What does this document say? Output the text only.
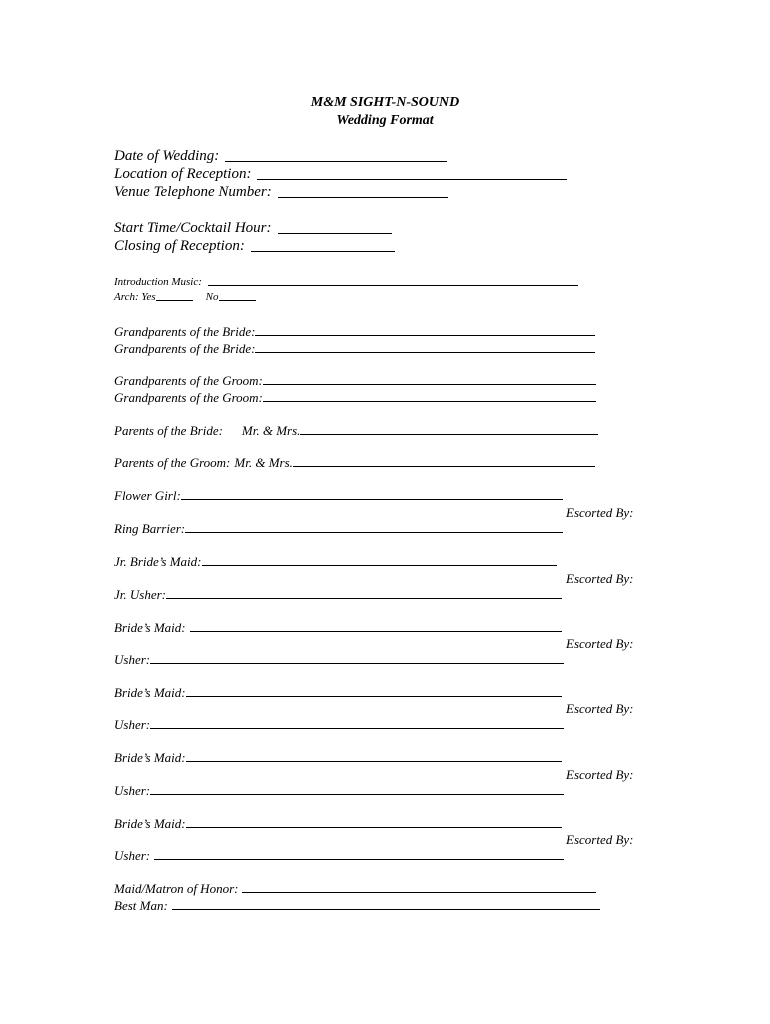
M&M SIGHT-N-SOUND
Wedding Format
Date of Wedding:
Location of Reception:
Venue Telephone Number:
Start Time/Cocktail Hour:
Closing of Reception:
Introduction Music:
Arch: Yes	No
Grandparents of the Bride:
Grandparents of the Bride:
Grandparents of the Groom:
Grandparents of the Groom:
Parents of the Bride: Mr. & Mrs.
Parents of the Groom: Mr. & Mrs.
Flower Girl:
Escorted By:
Ring Barrier:
Jr. Bride’s Maid:
Escorted By:
Jr. Usher:
Bride’s Maid:
Escorted By:
Usher:
Bride’s Maid:
Escorted By:
Usher:
Bride’s Maid:
Escorted By:
Usher:
Bride’s Maid:
Escorted By:
Usher:
Maid/Matron of Honor:
Best Man:
